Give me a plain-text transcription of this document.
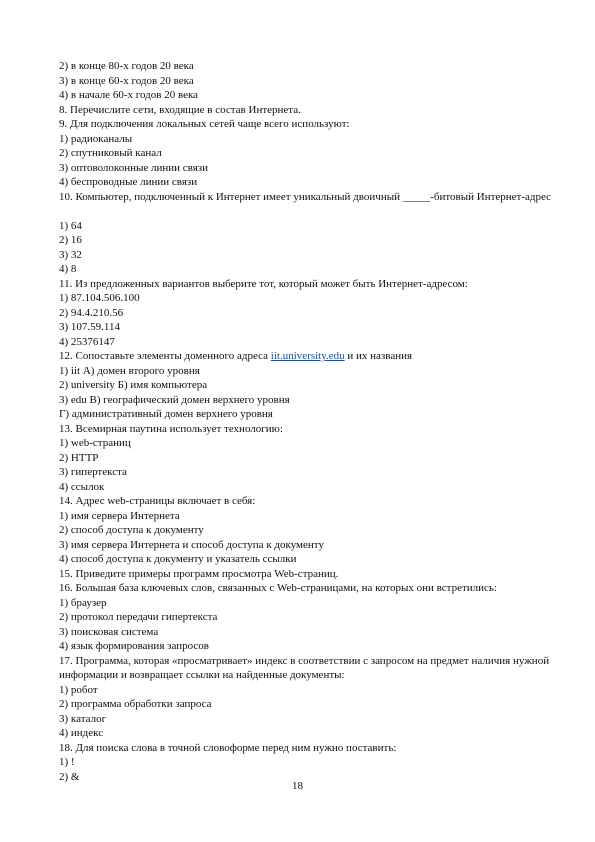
2) в конце 80-х годов 20 века
3) в конце 60-х годов 20 века
4) в начале 60-х годов 20 века
8. Перечислите сети, входящие в состав Интернета.
9. Для подключения локальных сетей чаще всего используют:
1) радиоканалы
2) спутниковый канал
3) оптоволоконные линии связи
4) беспроводные линии связи
10. Компьютер, подключенный к Интернет имеет уникальный двоичный _____-битовый Интернет-адрес
1) 64
2) 16
3) 32
4) 8
11. Из предложенных вариантов выберите тот, который может быть Интернет-адресом:
1) 87.104.506.100
2) 94.4.210.56
3) 107.59.114
4) 25376147
12. Сопоставьте элементы доменного адреса iit.university.edu и их названия
1) iit А) домен второго уровня
2) university Б) имя компьютера
3) edu В) географический домен верхнего уровня
Г) административный домен верхнего уровня
13. Всемирная паутина использует технологию:
1) web-страниц
2) HTTP
3) гипертекста
4) ссылок
14. Адрес web-страницы включает в себя:
1) имя сервера Интернета
2) способ доступа к документу
3) имя сервера Интернета и способ доступа к документу
4) способ доступа к документу и указатель ссылки
15. Приведите примеры программ просмотра Web-страниц.
16. Большая база ключевых слов, связанных с Web-страницами, на которых они встретились:
1) браузер
2) протокол передачи гипертекста
3) поисковая система
4) язык формирования запросов
17. Программа, которая «просматривает» индекс в соответствии с запросом на предмет наличия нужной информации и возвращает ссылки на найденные документы:
1) робот
2) программа обработки запроса
3) каталог
4) индекс
18. Для поиска слова в точной словоформе перед ним нужно поставить:
1) !
2) &
18
